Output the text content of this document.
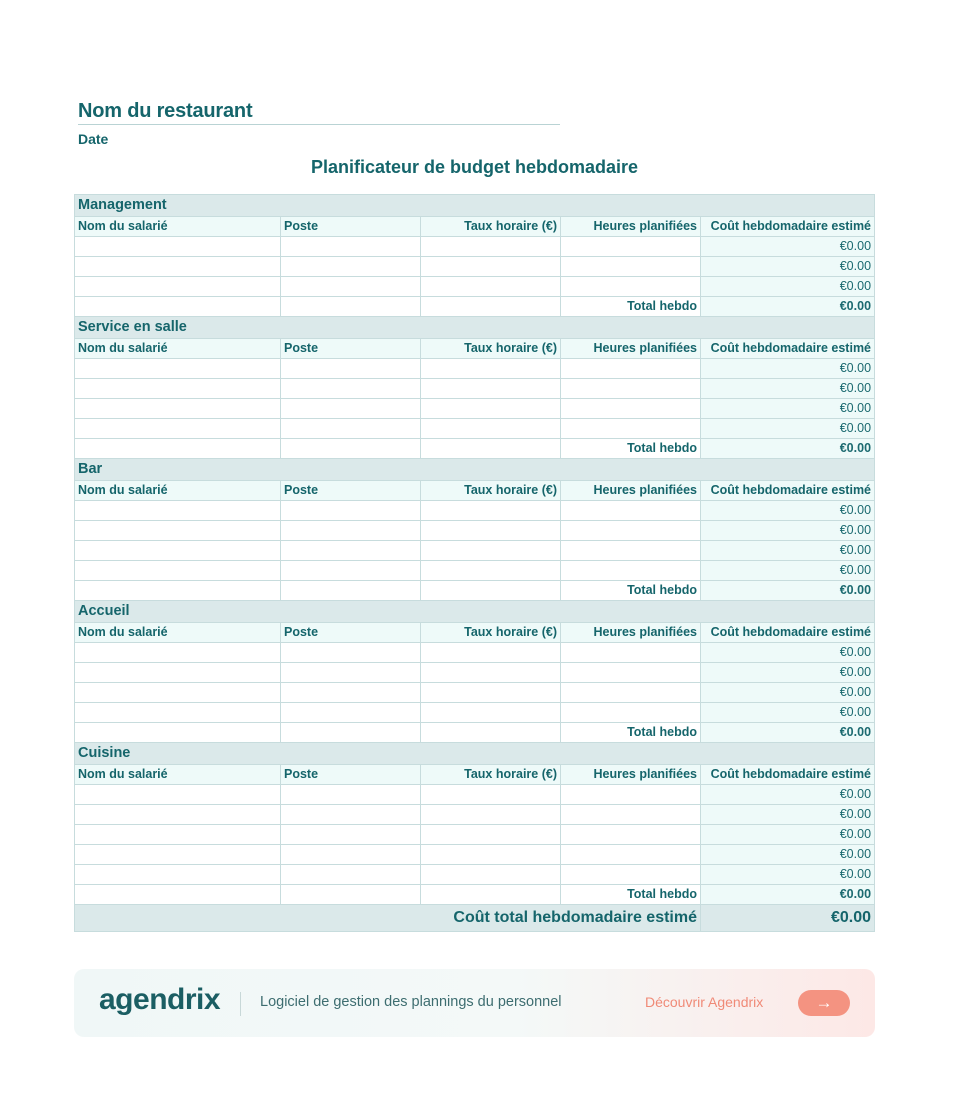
Nom du restaurant
Date
Planificateur de budget hebdomadaire
Management				
Nom du salarié	Poste	Taux horaire (€)	Heures planifiées	Coût hebdomadaire estimé
				€0.00
				€0.00
				€0.00
			Total hebdo	€0.00
Service en salle				
Nom du salarié	Poste	Taux horaire (€)	Heures planifiées	Coût hebdomadaire estimé
				€0.00
				€0.00
				€0.00
				€0.00
			Total hebdo	€0.00
Bar				
Nom du salarié	Poste	Taux horaire (€)	Heures planifiées	Coût hebdomadaire estimé
				€0.00
				€0.00
				€0.00
				€0.00
			Total hebdo	€0.00
Accueil				
Nom du salarié	Poste	Taux horaire (€)	Heures planifiées	Coût hebdomadaire estimé
				€0.00
				€0.00
				€0.00
				€0.00
			Total hebdo	€0.00
Cuisine				
Nom du salarié	Poste	Taux horaire (€)	Heures planifiées	Coût hebdomadaire estimé
				€0.00
				€0.00
				€0.00
				€0.00
				€0.00
			Total hebdo	€0.00
Coût total hebdomadaire estimé				€0.00
agendrix	Logiciel de gestion des plannings du personnel	Découvrir Agendrix	→
